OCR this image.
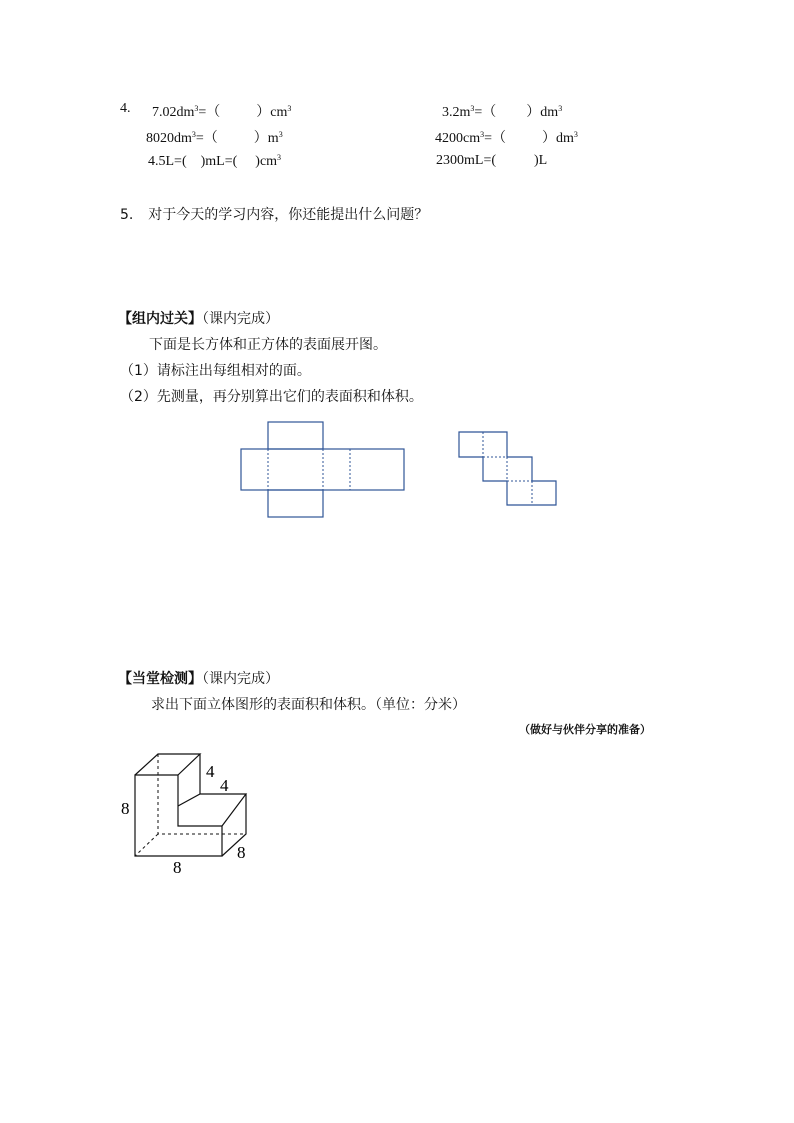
4. $7.02dm^3=$（	）$cm^3$	$3.2m^3=$（ ）$dm^3$
$8020dm^3=$（	）$m^3$	$4200cm^3=$（	）$dm^3$
4.5L=( )mL=( )$cm^3$	2300mL=(	)L
5. 对于今天的学习内容，你还能提出什么问题？
【组内过关】（课内完成）
下面是长方体和正方体的表面展开图。
（1）请标注出每组相对的面。
（2）先测量，再分别算出它们的表面积和体积。
【当堂检测】（课内完成）
求出下面立体图形的表面积和体积。（单位：分米）
（做好与伙伴分享的准备）
4
4
8
8
8
